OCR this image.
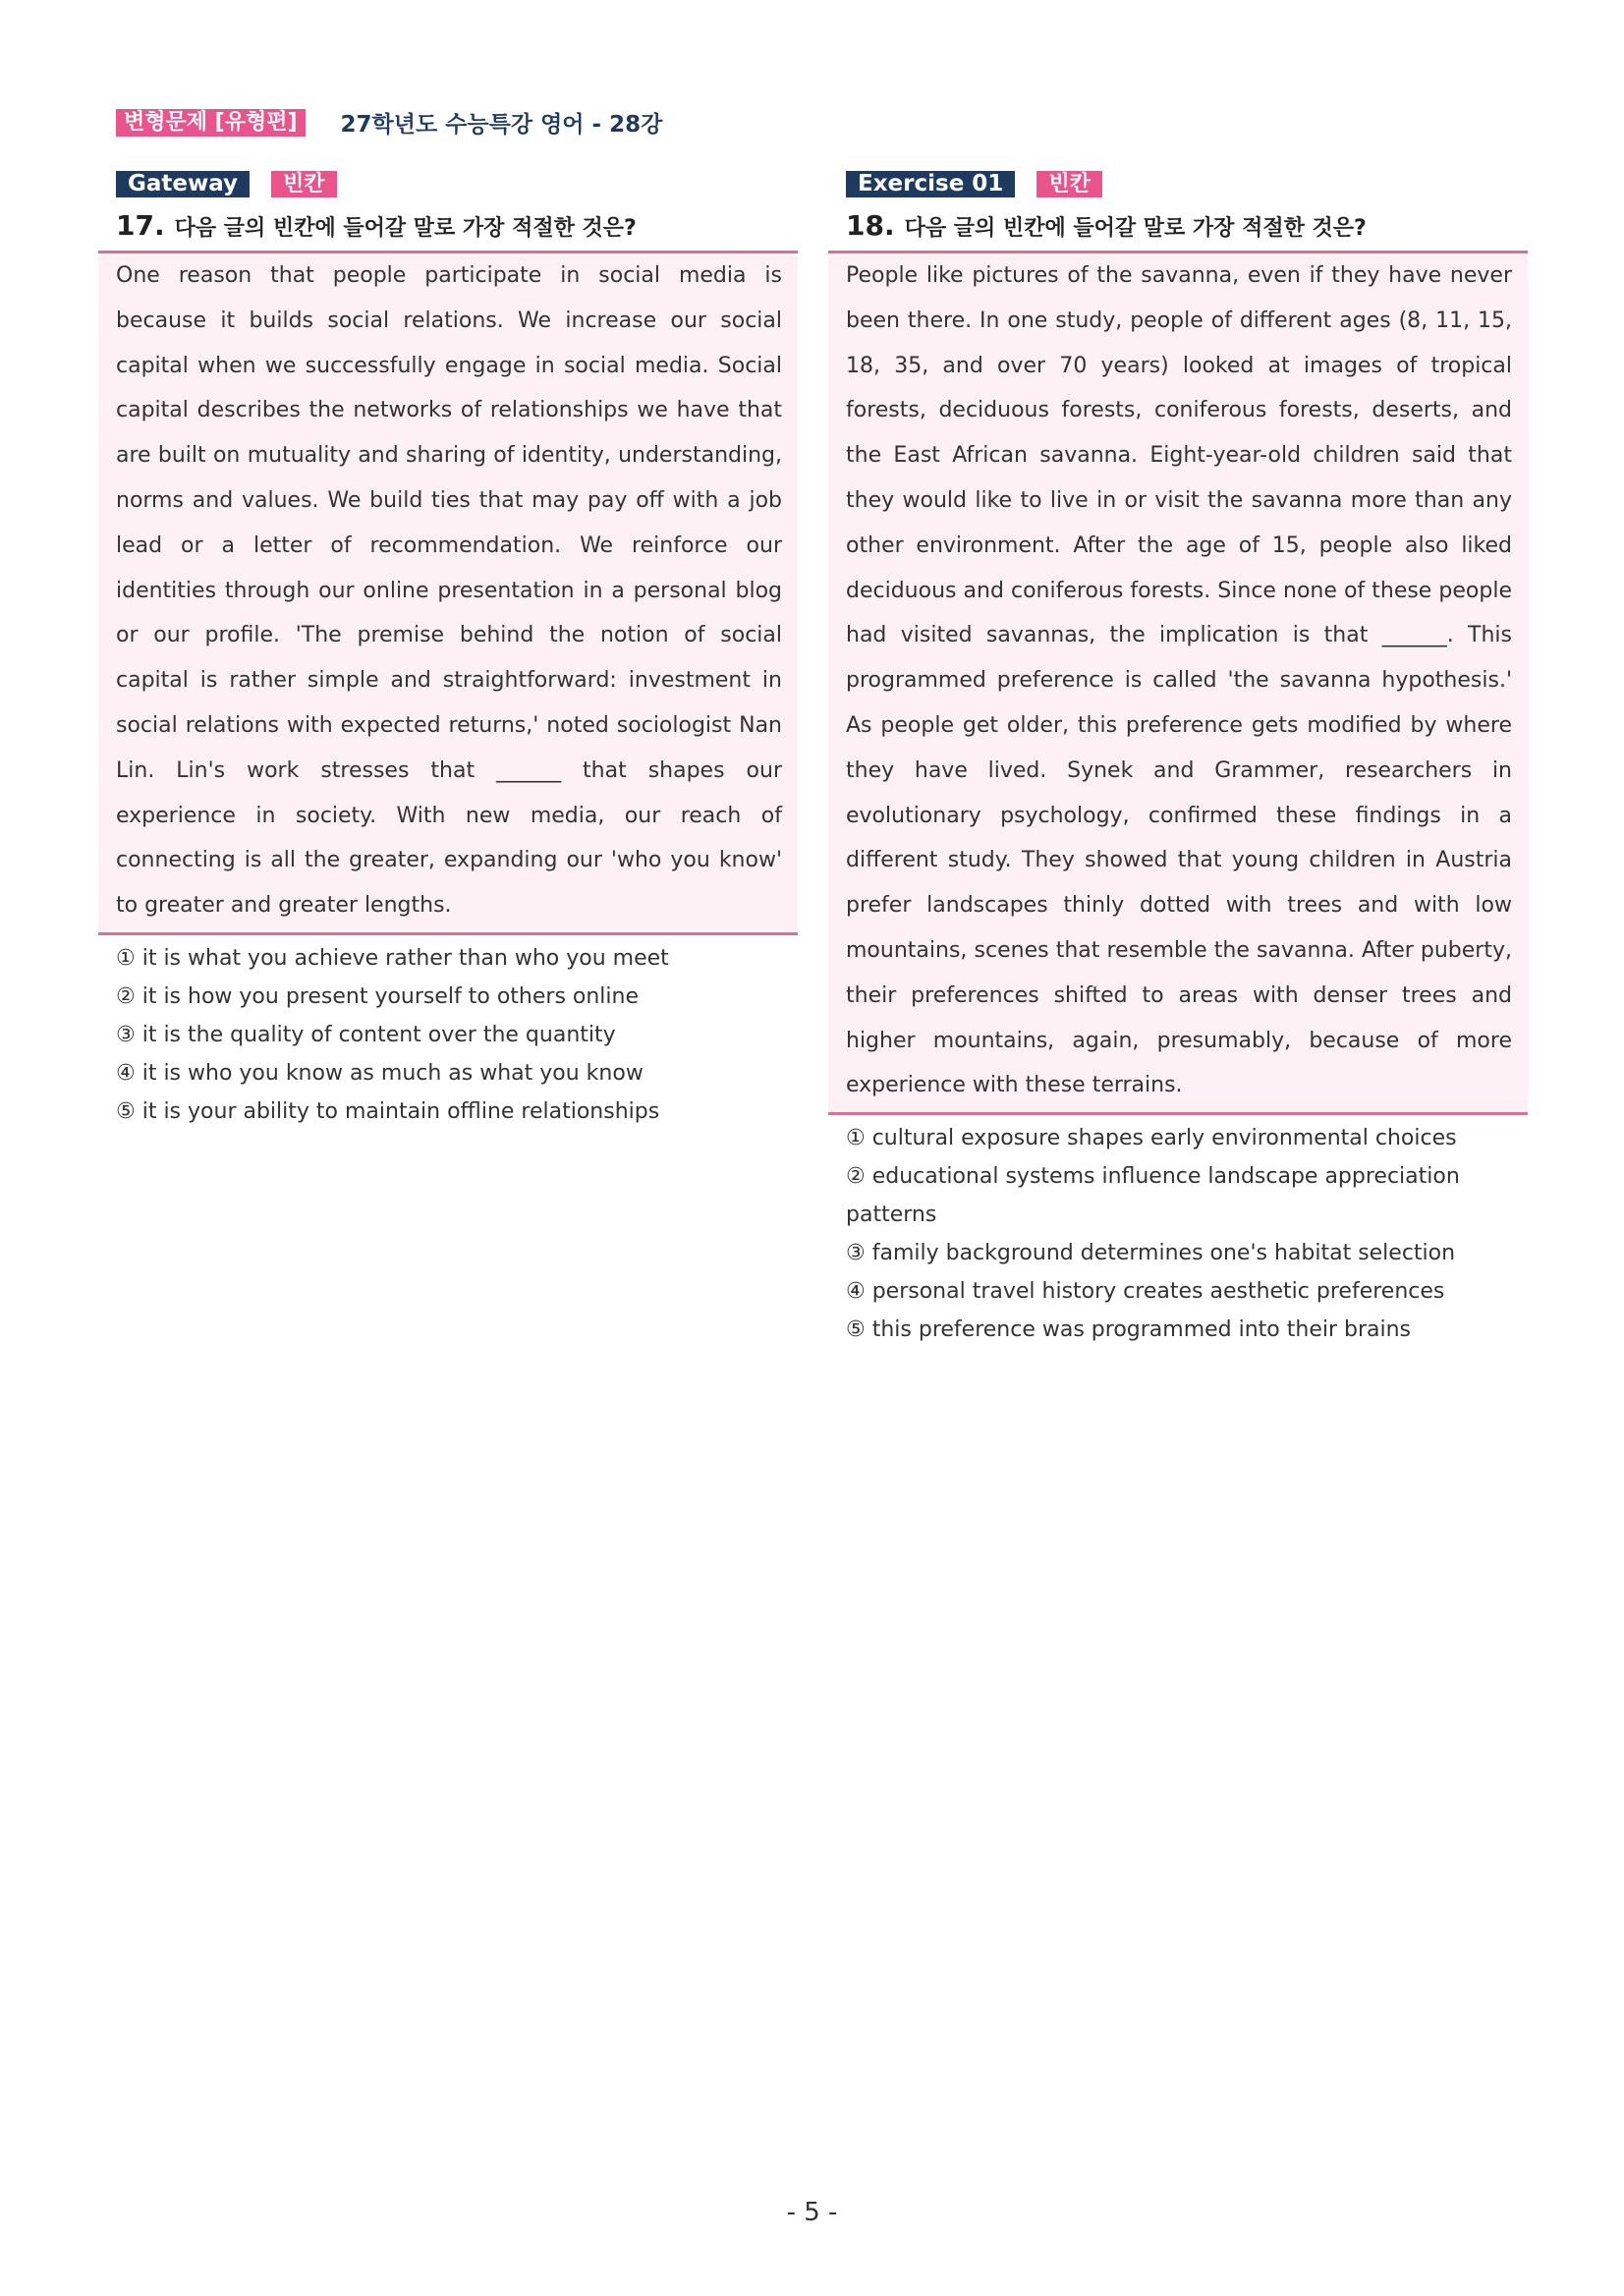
변형문제 [유형편]	27학년도 수능특강 영어 - 28강
Gateway	빈칸
17. 다음 글의 빈칸에 들어갈 말로 가장 적절한 것은?
One reason that people participate in social media is because it builds social relations. We increase our social capital when we successfully engage in social media. Social capital describes the networks of relationships we have that are built on mutuality and sharing of identity, understanding, norms and values. We build ties that may pay off with a job lead or a letter of recommendation. We reinforce our identities through our online presentation in a personal blog or our profile. 'The premise behind the notion of social capital is rather simple and straightforward: investment in social relations with expected returns,' noted sociologist Nan Lin. Lin's work stresses that ______ that shapes our experience in society. With new media, our reach of connecting is all the greater, expanding our 'who you know' to greater and greater lengths.
① it is what you achieve rather than who you meet
② it is how you present yourself to others online
③ it is the quality of content over the quantity
④ it is who you know as much as what you know
⑤ it is your ability to maintain offline relationships
Exercise 01	빈칸
18. 다음 글의 빈칸에 들어갈 말로 가장 적절한 것은?
People like pictures of the savanna, even if they have never been there. In one study, people of different ages (8, 11, 15, 18, 35, and over 70 years) looked at images of tropical forests, deciduous forests, coniferous forests, deserts, and the East African savanna. Eight-year-old children said that they would like to live in or visit the savanna more than any other environment. After the age of 15, people also liked deciduous and coniferous forests. Since none of these people had visited savannas, the implication is that ______. This programmed preference is called 'the savanna hypothesis.' As people get older, this preference gets modified by where they have lived. Synek and Grammer, researchers in evolutionary psychology, confirmed these findings in a different study. They showed that young children in Austria prefer landscapes thinly dotted with trees and with low mountains, scenes that resemble the savanna. After puberty, their preferences shifted to areas with denser trees and higher mountains, again, presumably, because of more experience with these terrains.
① cultural exposure shapes early environmental choices
② educational systems influence landscape appreciation patterns
③ family background determines one's habitat selection
④ personal travel history creates aesthetic preferences
⑤ this preference was programmed into their brains
- 5 -
